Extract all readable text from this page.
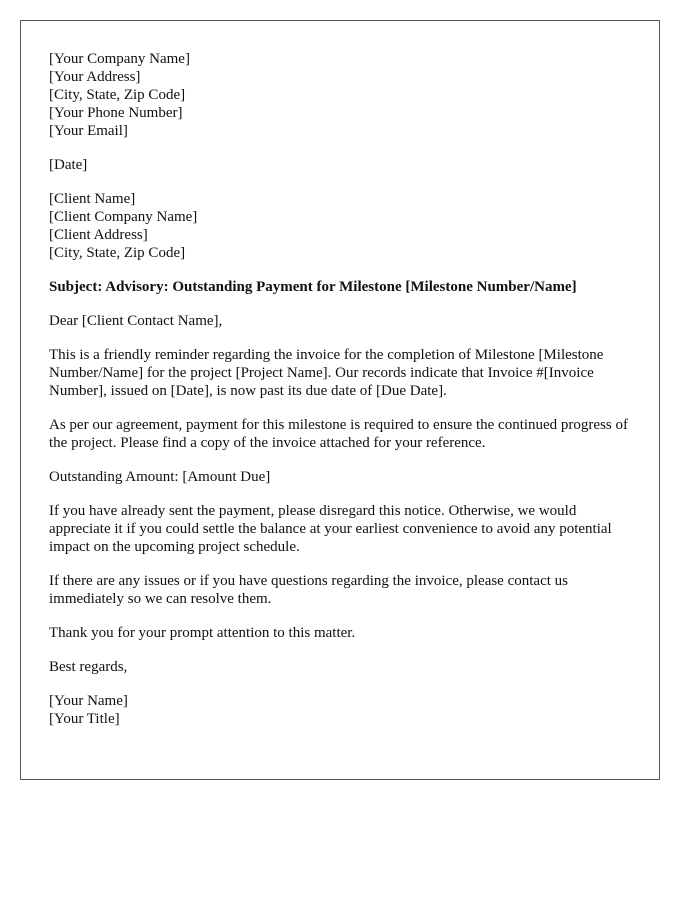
[Your Company Name]
[Your Address]
[City, State, Zip Code]
[Your Phone Number]
[Your Email]
[Date]
[Client Name]
[Client Company Name]
[Client Address]
[City, State, Zip Code]
Subject: Advisory: Outstanding Payment for Milestone [Milestone Number/Name]
Dear [Client Contact Name],
This is a friendly reminder regarding the invoice for the completion of Milestone [Milestone Number/Name] for the project [Project Name]. Our records indicate that Invoice #[Invoice Number], issued on [Date], is now past its due date of [Due Date].
As per our agreement, payment for this milestone is required to ensure the continued progress of the project. Please find a copy of the invoice attached for your reference.
Outstanding Amount: [Amount Due]
If you have already sent the payment, please disregard this notice. Otherwise, we would appreciate it if you could settle the balance at your earliest convenience to avoid any potential impact on the upcoming project schedule.
If there are any issues or if you have questions regarding the invoice, please contact us immediately so we can resolve them.
Thank you for your prompt attention to this matter.
Best regards,
[Your Name]
[Your Title]
